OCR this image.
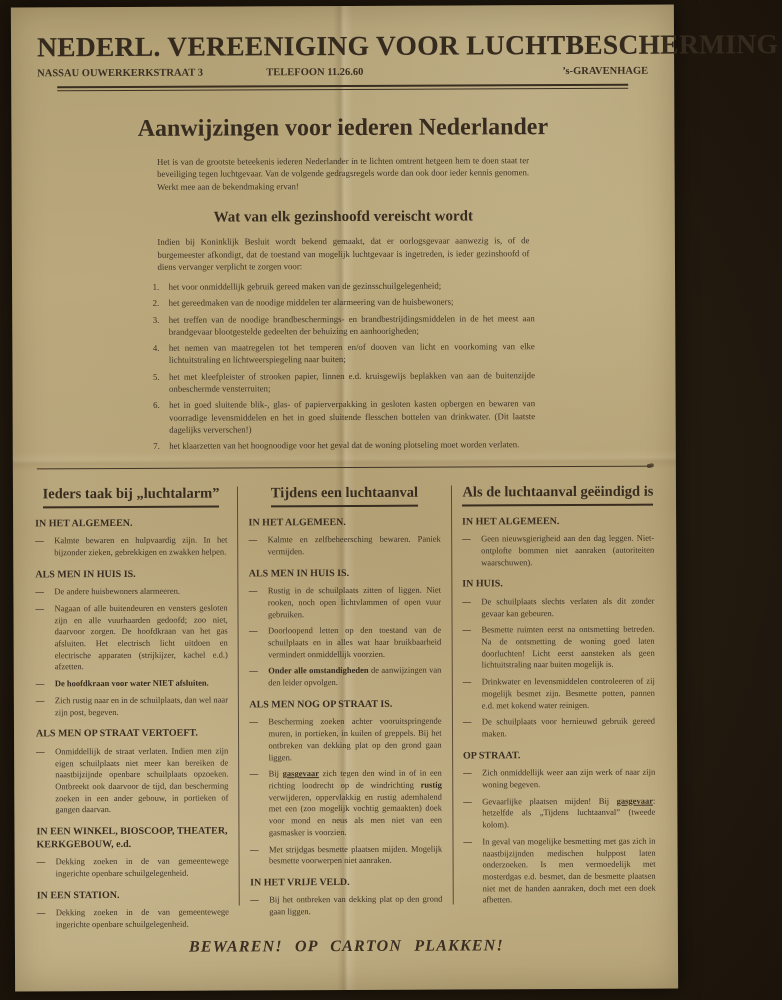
NEDERL. VEREENIGING VOOR LUCHTBESCHERMING
NASSAU OUWERKERKSTRAAT 3	TELEFOON 11.26.60	’s-GRAVENHAGE
Aanwijzingen voor iederen Nederlander

Het is van de grootste beteekenis iederen Nederlander in te lichten omtrent hetgeen hem te doen staat ter beveiliging tegen luchtgevaar. Van de volgende gedragsregels worde dan ook door ieder kennis genomen. Werkt mee aan de bekendmaking ervan!

Wat van elk gezinshoofd vereischt wordt

Indien bij Koninklijk Besluit wordt bekend gemaakt, dat er oorlogsgevaar aanwezig is, of de burgemeester afkondigt, dat de toestand van mogelijk luchtgevaar is ingetreden, is ieder gezinshoofd of diens vervanger verplicht te zorgen voor:

1.	het voor onmiddellijk gebruik gereed maken van de gezinsschuilgelegenheid;
2.	het gereedmaken van de noodige middelen ter alarmeering van de huisbewoners;
3.	het treffen van de noodige brandbeschermings- en brandbestrijdingsmiddelen in de het meest aan brandgevaar blootgestelde gedeelten der behuizing en aanhoorigheden;
4.	het nemen van maatregelen tot het temperen en/of dooven van licht en voorkoming van elke lichtuitstraling en lichtweerspiegeling naar buiten;
5.	het met kleefpleister of strooken papier, linnen e.d. kruisgewijs beplakken van aan de buitenzijde onbeschermde vensterruiten;
6.	het in goed sluitende blik-, glas- of papierverpakking in gesloten kasten opbergen en bewaren van voorradige levensmiddelen en het in goed sluitende flesschen bottelen van drinkwater. (Dit laatste dagelijks ververschen!)
7.	het klaarzetten van het hoognoodige voor het geval dat de woning plotseling moet worden verlaten.
Ieders taak bij „luchtalarm”
IN HET ALGEMEEN.
—	Kalmte bewaren en hulpvaardig zijn. In het bijzonder zieken, gebrekkigen en zwakken helpen.
ALS MEN IN HUIS IS.
—	De andere huisbewoners alarmeeren.
—	Nagaan of alle buitendeuren en vensters gesloten zijn en alle vuurhaarden gedoofd; zoo niet, daarvoor zorgen. De hoofdkraan van het gas afsluiten. Het electrisch licht uitdoen en electrische apparaten (strijkijzer, kachel e.d.) afzetten.
—	De hoofdkraan voor water NIET afsluiten.
—	Zich rustig naar en in de schuilplaats, dan wel naar zijn post, begeven.
ALS MEN OP STRAAT VERTOEFT.
—	Onmiddellijk de straat verlaten. Indien men zijn eigen schuilplaats niet meer kan bereiken de naastbijzijnde openbare schuilplaats opzoeken. Ontbreekt ook daarvoor de tijd, dan bescherming zoeken in een ander gebouw, in portieken of gangen daarvan.
IN EEN WINKEL, BIOSCOOP, THEATER, KERKGEBOUW, e.d.
—	Dekking zoeken in de van gemeentewege ingerichte openbare schuilgelegenheid.
IN EEN STATION.
—	Dekking zoeken in de van gemeentewege ingerichte openbare schuilgelegenheid.
Tijdens een luchtaanval
IN HET ALGEMEEN.
—	Kalmte en zelfbeheersching bewaren. Paniek vermijden.
ALS MEN IN HUIS IS.
—	Rustig in de schuilplaats zitten of liggen. Niet rooken, noch open lichtvlammen of open vuur gebruiken.
—	Doorloopend letten op den toestand van de schuilplaats en in alles wat haar bruikbaarheid vermindert onmiddellijk voorzien.
—	Onder alle omstandigheden de aanwijzingen van den leider opvolgen.
ALS MEN NOG OP STRAAT IS.
—	Bescherming zoeken achter vooruitspringende muren, in portieken, in kuilen of greppels. Bij het ontbreken van dekking plat op den grond gaan liggen.
—	Bij gasgevaar zich tegen den wind in of in een richting loodrecht op de windrichting rustig verwijderen, oppervlakkig en rustig ademhalend met een (zoo mogelijk vochtig gemaakten) doek voor mond en neus als men niet van een gasmasker is voorzien.
—	Met strijdgas besmette plaatsen mijden. Mogelijk besmette voorwerpen niet aanraken.
IN HET VRIJE VELD.
—	Bij het ontbreken van dekking plat op den grond gaan liggen.
Als de luchtaanval geëindigd is
IN HET ALGEMEEN.
—	Geen nieuwsgierigheid aan den dag leggen. Niet-ontplofte bommen niet aanraken (autoriteiten waarschuwen).
IN HUIS.
—	De schuilplaats slechts verlaten als dit zonder gevaar kan gebeuren.
—	Besmette ruimten eerst na ontsmetting betreden. Na de ontsmetting de woning goed laten doorluchten! Licht eerst aansteken als geen lichtuitstraling naar buiten mogelijk is.
—	Drinkwater en levensmiddelen controleeren of zij mogelijk besmet zijn. Besmette potten, pannen e.d. met kokend water reinigen.
—	De schuilplaats voor hernieuwd gebruik gereed maken.
OP STRAAT.
—	Zich onmiddellijk weer aan zijn werk of naar zijn woning begeven.
—	Gevaarlijke plaatsen mijden! Bij gasgevaar: hetzelfde als „Tijdens luchtaanval” (tweede kolom).
—	In geval van mogelijke besmetting met gas zich in naastbijzijnden medischen hulppost laten onderzoeken. Is men vermoedelijk met mosterdgas e.d. besmet, dan de besmette plaatsen niet met de handen aanraken, doch met een doek afbetten.
BEWAREN! OP CARTON PLAKKEN!
